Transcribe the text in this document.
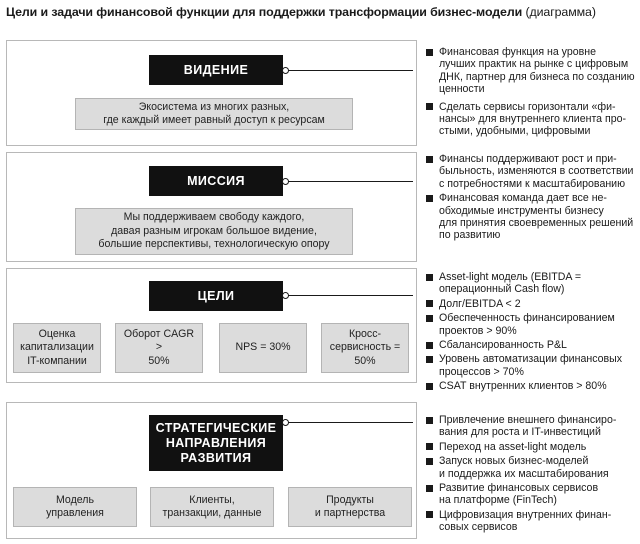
Цели и задачи финансовой функции для поддержки трансформации бизнес-модели (диаграмма)
ВИДЕНИЕ
Экосистема из многих разных,
где каждый имеет равный доступ к ресурсам
МИССИЯ
Мы поддерживаем свободу каждого,
давая разным игрокам большое видение,
большие перспективы, технологическую опору
ЦЕЛИ
Оценка
капитализации
IT-компании
Оборот CAGR >
50%
NPS = 30%
Кросс-
сервисность =
50%
СТРАТЕГИЧЕСКИЕ
НАПРАВЛЕНИЯ
РАЗВИТИЯ
Модель
управления
Клиенты,
транзакции, данные
Продукты
и партнерства
Финансовая функция на уровне
лучших практик на рынке с цифровым
ДНК, партнер для бизнеса по созданию
ценности
Сделать сервисы горизонтали «фи-
нансы» для внутреннего клиента про-
стыми, удобными, цифровыми
Финансы поддерживают рост и при-
быльность, изменяются в соответствии
с потребностями к масштабированию
Финансовая команда дает все не-
обходимые инструменты бизнесу
для принятия своевременных решений
по развитию
Asset-light модель (EBITDA =
операционный Cash flow)
Долг/EBITDA < 2
Обеспеченность финансированием
проектов > 90%
Сбалансированность P&L
Уровень автоматизации финансовых
процессов > 70%
CSAT внутренних клиентов > 80%
Привлечение внешнего финансиро-
вания для роста и IT-инвестиций
Переход на asset-light модель
Запуск новых бизнес-моделей
и поддержка их масштабирования
Развитие финансовых сервисов
на платформе (FinTech)
Цифровизация внутренних финан-
совых сервисов
